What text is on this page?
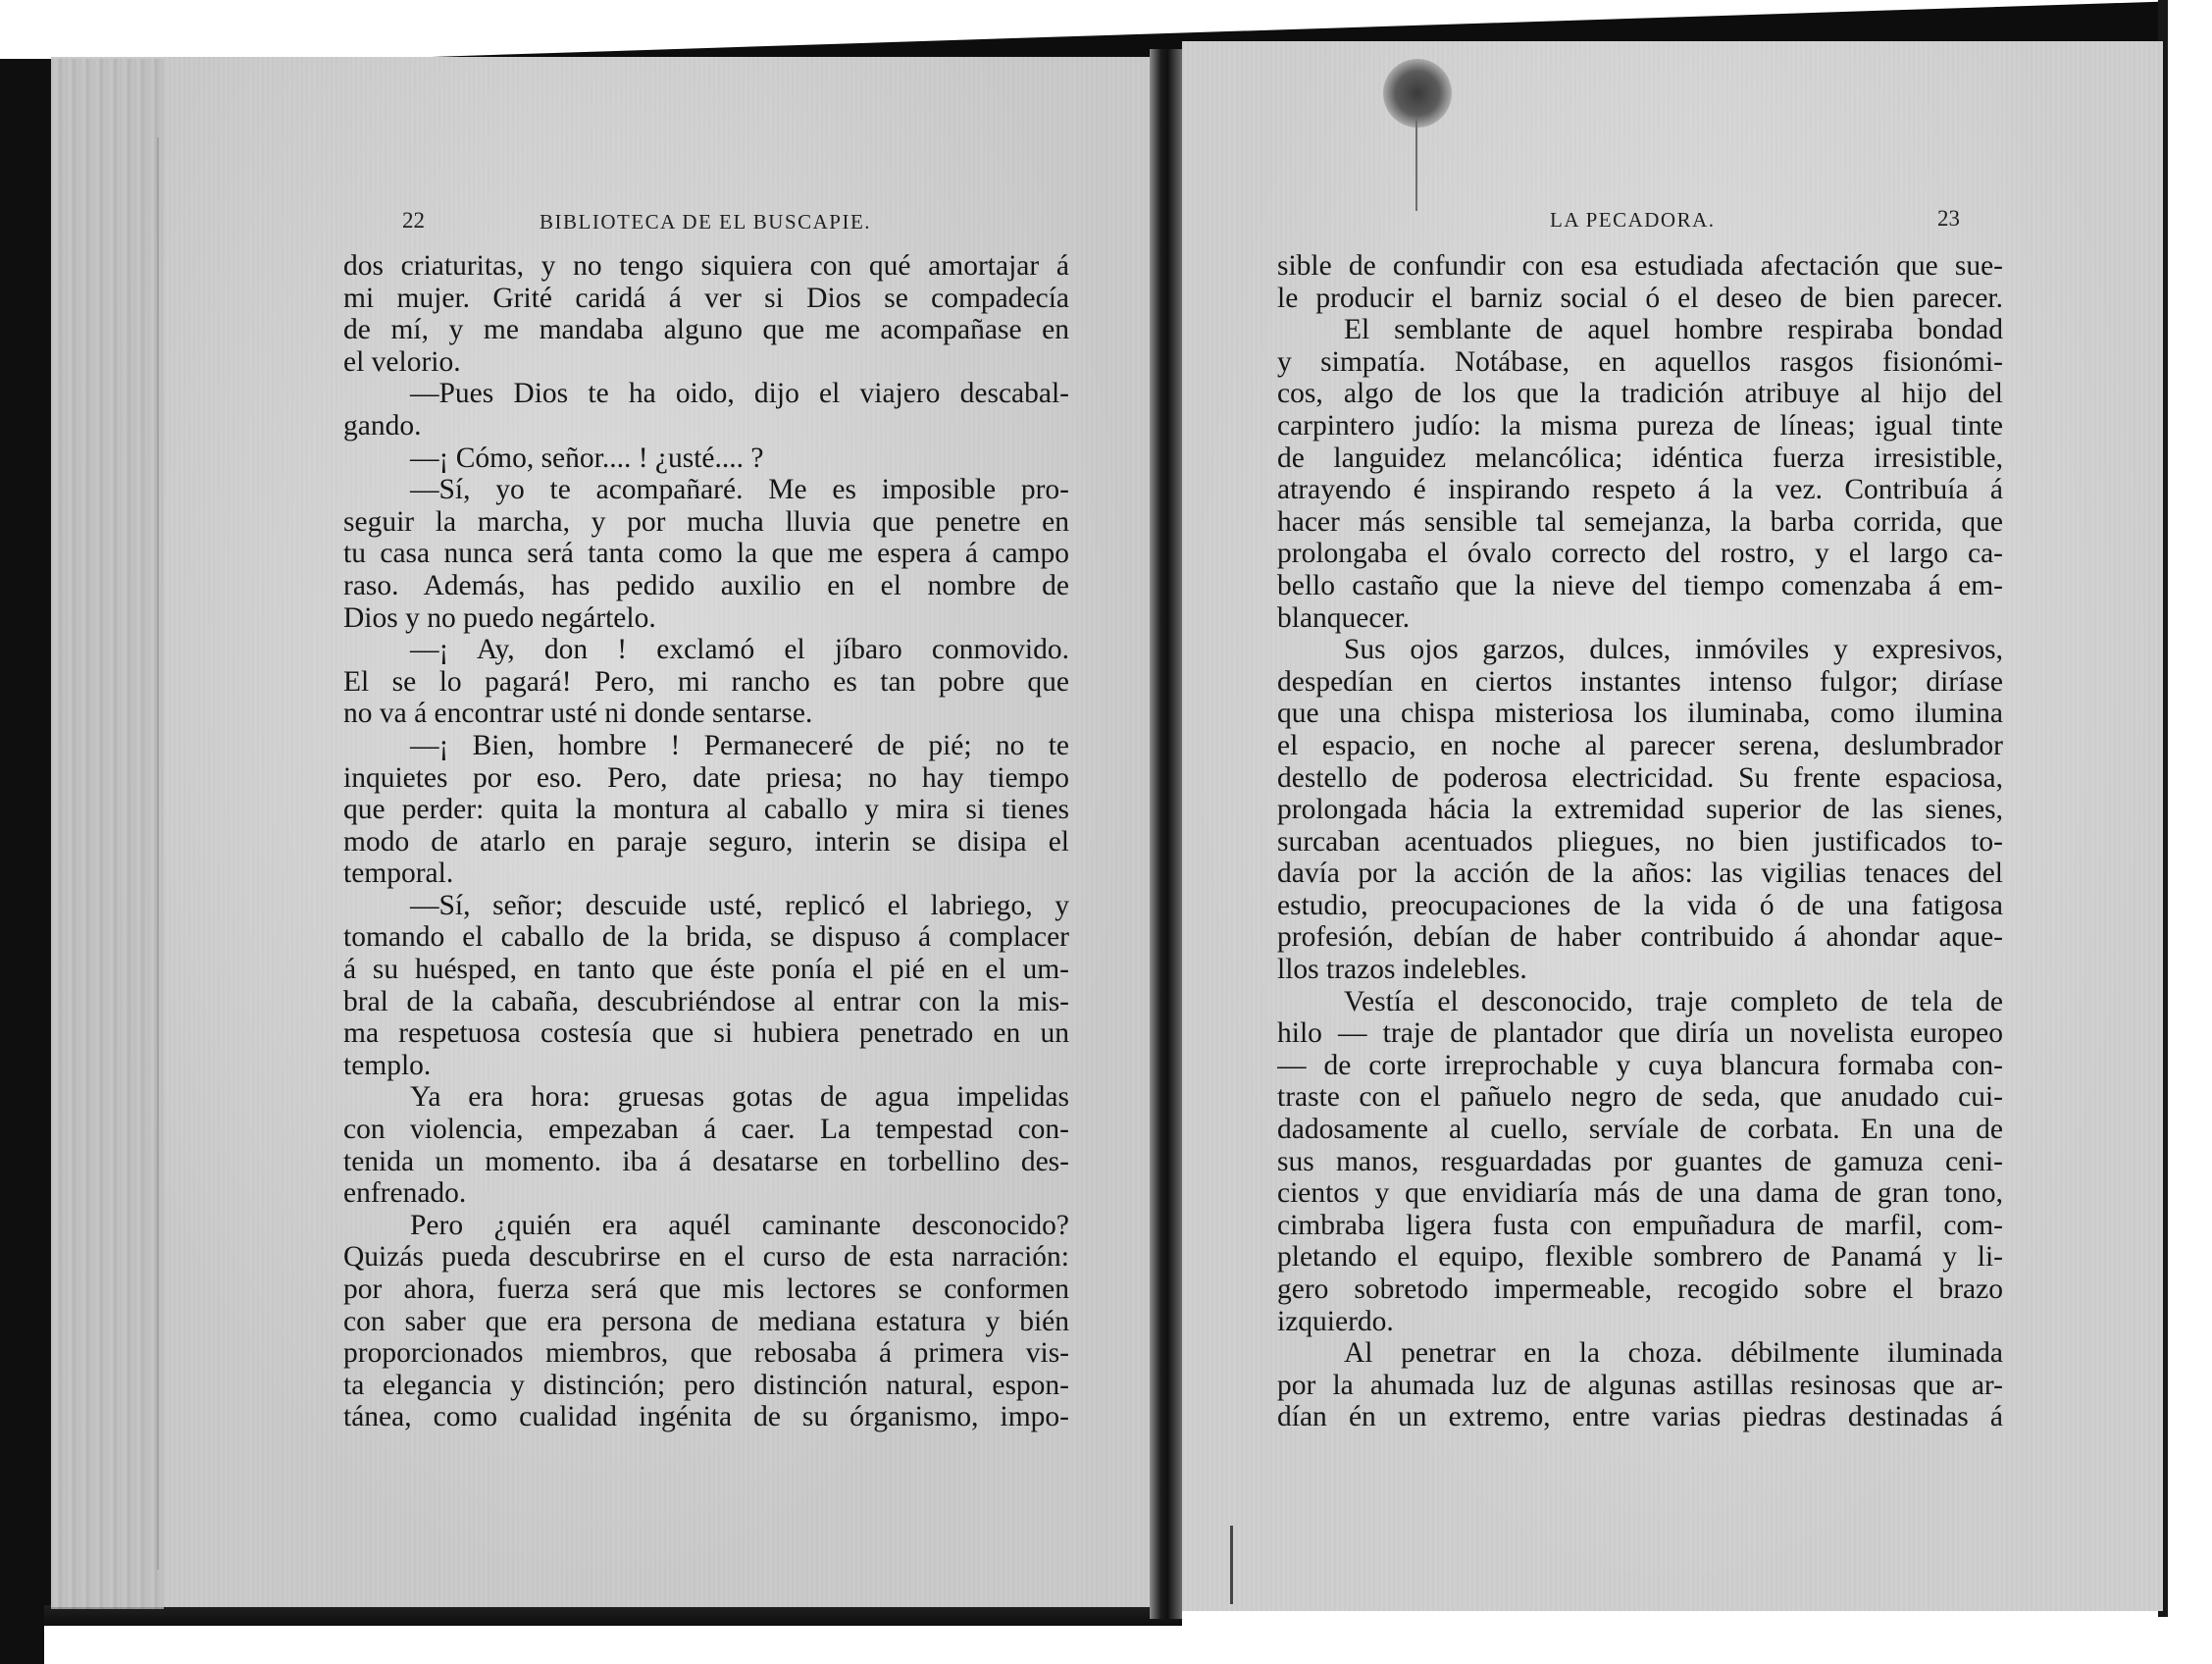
22	BIBLIOTECA DE EL BUSCAPIE.	LA PECADORA.	23
dos criaturitas, y no tengo siquiera con qué amortajar á
mi mujer. Grité caridá á ver si Dios se compadecía
de mí, y me mandaba alguno que me acompañase en
el velorio.
—Pues Dios te ha oido, dijo el viajero descabal-
gando.
—¡ Cómo, señor.... ! ¿usté.... ?
—Sí, yo te acompañaré. Me es imposible pro-
seguir la marcha, y por mucha lluvia que penetre en
tu casa nunca será tanta como la que me espera á campo
raso. Además, has pedido auxilio en el nombre de
Dios y no puedo negártelo.
—¡ Ay, don ! exclamó el jíbaro conmovido.
El se lo pagará! Pero, mi rancho es tan pobre que
no va á encontrar usté ni donde sentarse.
—¡ Bien, hombre ! Permaneceré de pié; no te
inquietes por eso. Pero, date priesa; no hay tiempo
que perder: quita la montura al caballo y mira si tienes
modo de atarlo en paraje seguro, interin se disipa el
temporal.
—Sí, señor; descuide usté, replicó el labriego, y
tomando el caballo de la brida, se dispuso á complacer
á su huésped, en tanto que éste ponía el pié en el um-
bral de la cabaña, descubriéndose al entrar con la mis-
ma respetuosa costesía que si hubiera penetrado en un
templo.
Ya era hora: gruesas gotas de agua impelidas
con violencia, empezaban á caer. La tempestad con-
tenida un momento. iba á desatarse en torbellino des-
enfrenado.
Pero ¿quién era aquél caminante desconocido?
Quizás pueda descubrirse en el curso de esta narración:
por ahora, fuerza será que mis lectores se conformen
con saber que era persona de mediana estatura y bién
proporcionados miembros, que rebosaba á primera vis-
ta elegancia y distinción; pero distinción natural, espon-
tánea, como cualidad ingénita de su órganismo, impo-
sible de confundir con esa estudiada afectación que sue-
le producir el barniz social ó el deseo de bien parecer.
El semblante de aquel hombre respiraba bondad
y simpatía. Notábase, en aquellos rasgos fisionómi-
cos, algo de los que la tradición atribuye al hijo del
carpintero judío: la misma pureza de líneas; igual tinte
de languidez melancólica; idéntica fuerza irresistible,
atrayendo é inspirando respeto á la vez. Contribuía á
hacer más sensible tal semejanza, la barba corrida, que
prolongaba el óvalo correcto del rostro, y el largo ca-
bello castaño que la nieve del tiempo comenzaba á em-
blanquecer.
Sus ojos garzos, dulces, inmóviles y expresivos,
despedían en ciertos instantes intenso fulgor; diríase
que una chispa misteriosa los iluminaba, como ilumina
el espacio, en noche al parecer serena, deslumbrador
destello de poderosa electricidad. Su frente espaciosa,
prolongada hácia la extremidad superior de las sienes,
surcaban acentuados pliegues, no bien justificados to-
davía por la acción de la años: las vigilias tenaces del
estudio, preocupaciones de la vida ó de una fatigosa
profesión, debían de haber contribuido á ahondar aque-
llos trazos indelebles.
Vestía el desconocido, traje completo de tela de
hilo — traje de plantador que diría un novelista europeo
— de corte irreprochable y cuya blancura formaba con-
traste con el pañuelo negro de seda, que anudado cui-
dadosamente al cuello, servíale de corbata. En una de
sus manos, resguardadas por guantes de gamuza ceni-
cientos y que envidiaría más de una dama de gran tono,
cimbraba ligera fusta con empuñadura de marfil, com-
pletando el equipo, flexible sombrero de Panamá y li-
gero sobretodo impermeable, recogido sobre el brazo
izquierdo.
Al penetrar en la choza. débilmente iluminada
por la ahumada luz de algunas astillas resinosas que ar-
dían én un extremo, entre varias piedras destinadas á
